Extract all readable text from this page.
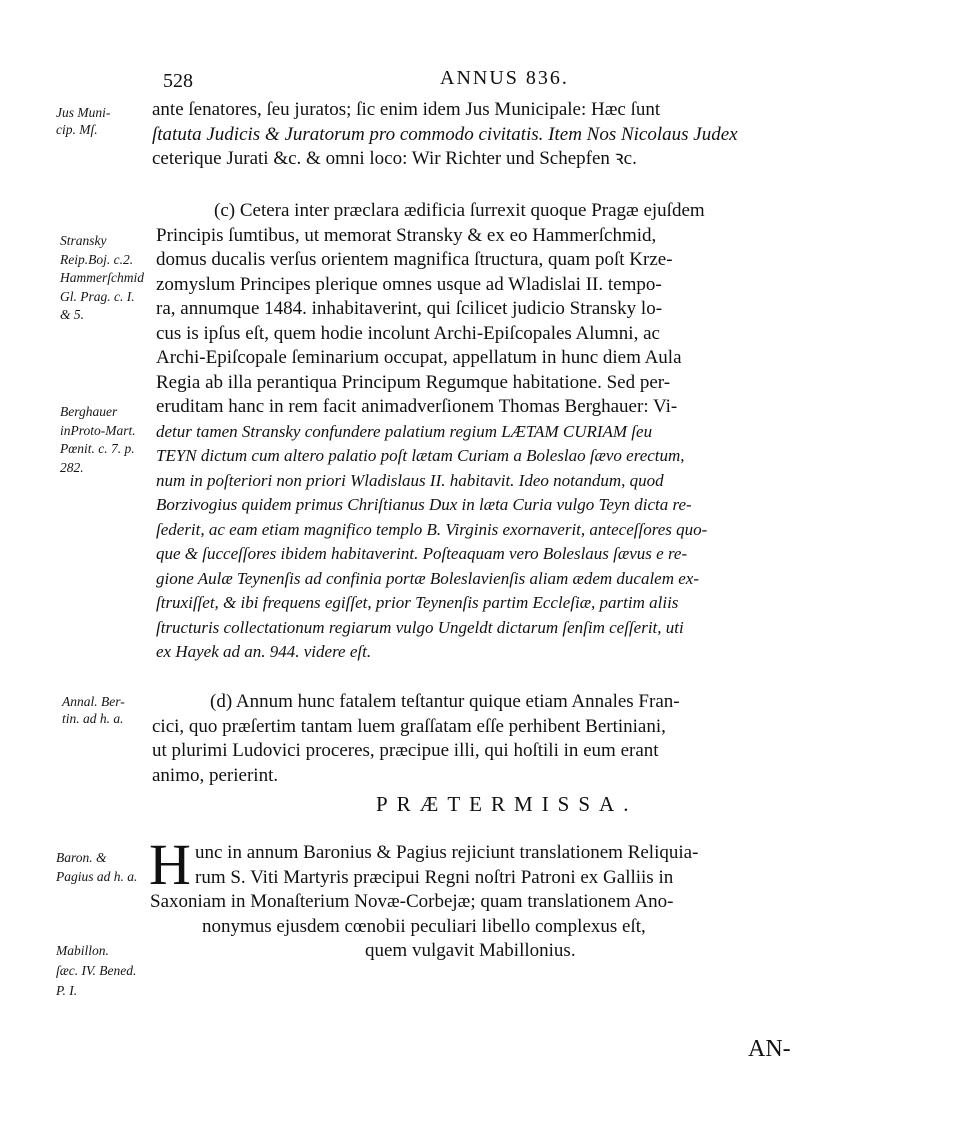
528	ANNUS 836.
Jus Muni-
cip. Mſ.
Stransky
Reip.Boj. c.2.
Hammerſchmid
Gl. Prag. c. I.
& 5.
Berghauer
inProto-Mart.
Pœnit. c. 7. p.
282.
Annal. Ber-
tin. ad h. a.
Baron. &
Pagius ad h. a.
Mabillon.
ſæc. IV. Bened.
P. I.
ante ſenatores, ſeu juratos; ſic enim idem Jus Municipale: Hæc ſunt
ſtatuta Judicis & Juratorum pro commodo civitatis. Item Nos Nicolaus Judex
ceterique Jurati &c. & omni loco: Wir Richter und Schepfen ꝛc.
(c) Cetera inter præclara ædificia ſurrexit quoque Pragæ ejuſdem
Principis ſumtibus, ut memorat Stransky & ex eo Hammerſchmid,
domus ducalis verſus orientem magnifica ſtructura, quam poſt Krze-
zomyslum Principes plerique omnes usque ad Wladislai II. tempo-
ra, annumque 1484. inhabitaverint, qui ſcilicet judicio Stransky lo-
cus is ipſus eſt, quem hodie incolunt Archi-Epiſcopales Alumni, ac
Archi-Epiſcopale ſeminarium occupat, appellatum in hunc diem Aula
Regia ab illa perantiqua Principum Regumque habitatione. Sed per-
eruditam hanc in rem facit animadverſionem Thomas Berghauer: Vi-
detur tamen Stransky confundere palatium regium LÆTAM CURIAM ſeu
TEYN dictum cum altero palatio poſt lætam Curiam a Boleslao ſævo erectum,
num in poſteriori non priori Wladislaus II. habitavit. Ideo notandum, quod
Borzivogius quidem primus Chriſtianus Dux in læta Curia vulgo Teyn dicta re-
ſederit, ac eam etiam magnifico templo B. Virginis exornaverit, anteceſſores quo-
que & ſucceſſores ibidem habitaverint. Poſteaquam vero Boleslaus ſævus e re-
gione Aulæ Teynenſis ad confinia portæ Boleslavienſis aliam ædem ducalem ex-
ſtruxiſſet, & ibi frequens egiſſet, prior Teynenſis partim Eccleſiæ, partim aliis
ſtructuris collectationum regiarum vulgo Ungeldt dictarum ſenſim ceſſerit, uti
ex Hayek ad an. 944. videre eſt.
(d) Annum hunc fatalem teſtantur quique etiam Annales Fran-
cici, quo præſertim tantam luem graſſatam eſſe perhibent Bertiniani,
ut plurimi Ludovici proceres, præcipue illi, qui hoſtili in eum erant
animo, perierint.
PRÆTERMISSA.
H unc in annum Baronius & Pagius rejiciunt translationem Reliquia-
rum S. Viti Martyris præcipui Regni noſtri Patroni ex Galliis in
Saxoniam in Monaſterium Novæ-Corbejæ; quam translationem Ano-
nonymus ejusdem cœnobii peculiari libello complexus eſt,
quem vulgavit Mabillonius.
AN-
